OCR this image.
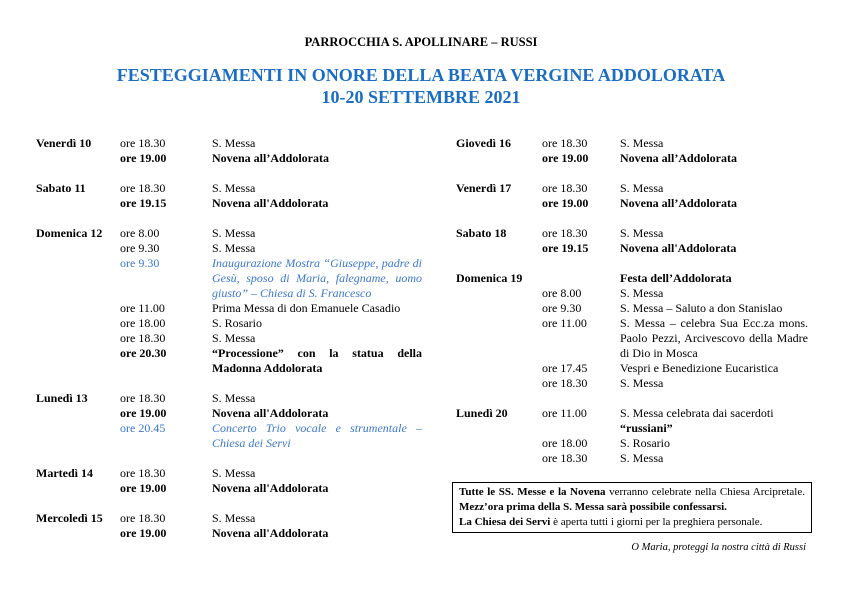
PARROCCHIA S. APOLLINARE – RUSSI
FESTEGGIAMENTI IN ONORE DELLA BEATA VERGINE ADDOLORATA
10-20 SETTEMBRE 2021
Venerdì 10	ore 18.30	S. Messa
ore 19.00	Novena all’Addolorata
Sabato 11	ore 18.30	S. Messa
ore 19.15	Novena all'Addolorata
Domenica 12	ore 8.00	S. Messa
ore 9.30	S. Messa
ore 9.30	Inaugurazione Mostra “Giuseppe, padre di Gesù, sposo di Maria, falegname, uomo giusto” – Chiesa di S. Francesco
ore 11.00	Prima Messa di don Emanuele Casadio
ore 18.00	S. Rosario
ore 18.30	S. Messa
ore 20.30	“Processione” con la statua della Madonna Addolorata
Lunedì 13	ore 18.30	S. Messa
ore 19.00	Novena all'Addolorata
ore 20.45	Concerto Trio vocale e strumentale – Chiesa dei Servi
Martedì 14	ore 18.30	S. Messa
ore 19.00	Novena all'Addolorata
Mercoledì 15	ore 18.30	S. Messa
ore 19.00	Novena all'Addolorata
Giovedì 16	ore 18.30	S. Messa
ore 19.00	Novena all’Addolorata
Venerdì 17	ore 18.30	S. Messa
ore 19.00	Novena all’Addolorata
Sabato 18	ore 18.30	S. Messa
ore 19.15	Novena all'Addolorata
Domenica 19	Festa dell’Addolorata
ore 8.00	S. Messa
ore 9.30	S. Messa – Saluto a don Stanislao
ore 11.00	S. Messa – celebra Sua Ecc.za mons. Paolo Pezzi, Arcivescovo della Madre di Dio in Mosca
ore 17.45	Vespri e Benedizione Eucaristica
ore 18.30	S. Messa
Lunedì 20	ore 11.00	S. Messa celebrata dai sacerdoti
“russiani”
ore 18.00	S. Rosario
ore 18.30	S. Messa
Tutte le SS. Messe e la Novena verranno celebrate nella Chiesa Arcipretale. Mezz’ora prima della S. Messa sarà possibile confessarsi.
La Chiesa dei Servi è aperta tutti i giorni per la preghiera personale.
O Maria, proteggi la nostra città di Russi
